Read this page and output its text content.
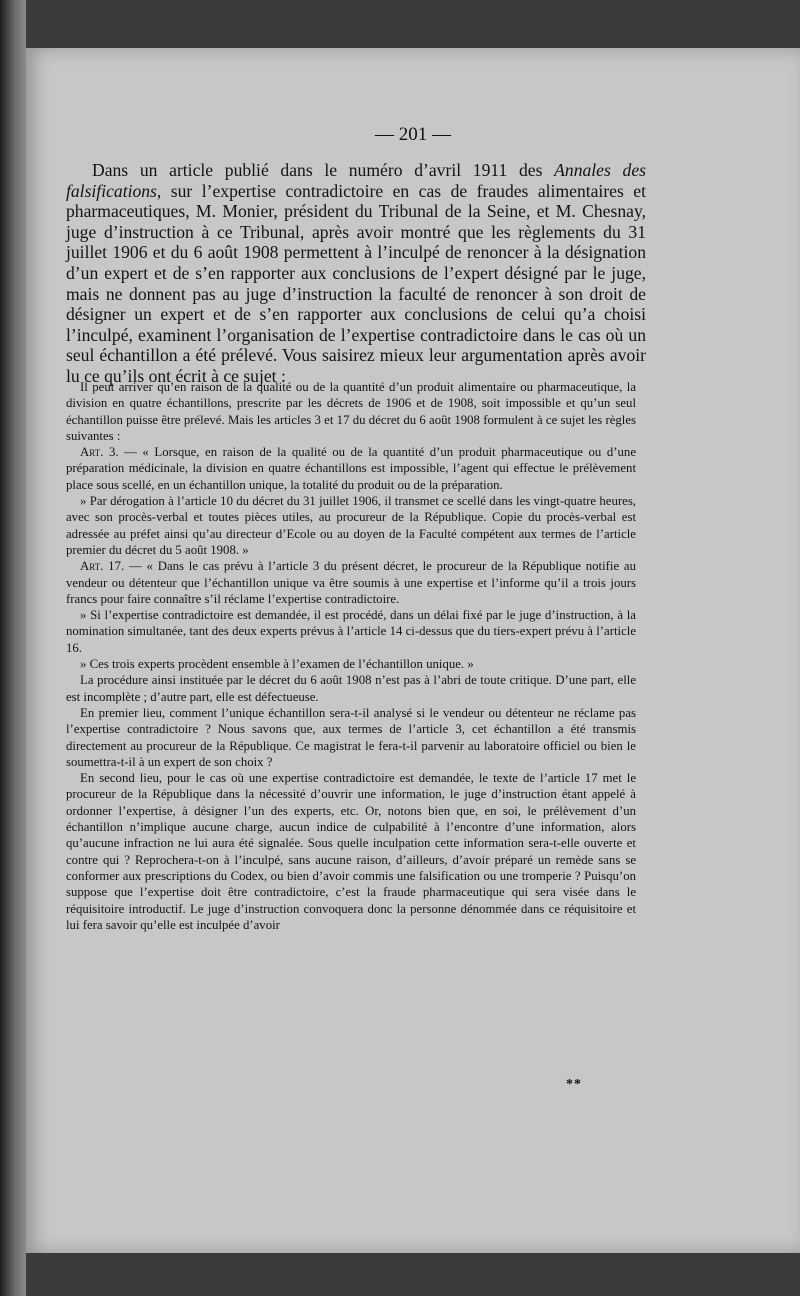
— 201 —

Dans un article publié dans le numéro d’avril 1911 des Annales des falsifications, sur l’expertise contradictoire en cas de fraudes alimentaires et pharmaceutiques, M. Monier, président du Tribunal de la Seine, et M. Chesnay, juge d’instruction à ce Tribunal, après avoir montré que les règlements du 31 juillet 1906 et du 6 août 1908 permettent à l’inculpé de renoncer à la désignation d’un expert et de s’en rapporter aux conclusions de l’expert désigné par le juge, mais ne donnent pas au juge d’instruction la faculté de renoncer à son droit de désigner un expert et de s’en rapporter aux conclusions de celui qu’a choisi l’inculpé, examinent l’organisation de l’expertise contradictoire dans le cas où un seul échantillon a été prélevé. Vous saisirez mieux leur argumentation après avoir lu ce qu’ils ont écrit à ce sujet :

Il peut arriver qu’en raison de la qualité ou de la quantité d’un produit alimentaire ou pharmaceutique, la division en quatre échantillons, prescrite par les décrets de 1906 et de 1908, soit impossible et qu’un seul échantillon puisse être prélevé. Mais les articles 3 et 17 du décret du 6 août 1908 formulent à ce sujet les règles suivantes :

Art. 3. — « Lorsque, en raison de la qualité ou de la quantité d’un produit pharmaceutique ou d’une préparation médicinale, la division en quatre échantillons est impossible, l’agent qui effectue le prélèvement place sous scellé, en un échantillon unique, la totalité du produit ou de la préparation.

» Par dérogation à l’article 10 du décret du 31 juillet 1906, il transmet ce scellé dans les vingt-quatre heures, avec son procès-verbal et toutes pièces utiles, au procureur de la République. Copie du procès-verbal est adressée au préfet ainsi qu’au directeur d’Ecole ou au doyen de la Faculté compétent aux termes de l’article premier du décret du 5 août 1908. »

Art. 17. — « Dans le cas prévu à l’article 3 du présent décret, le procureur de la République notifie au vendeur ou détenteur que l’échantillon unique va être soumis à une expertise et l’informe qu’il a trois jours francs pour faire connaître s’il réclame l’expertise contradictoire.

» Si l’expertise contradictoire est demandée, il est procédé, dans un délai fixé par le juge d’instruction, à la nomination simultanée, tant des deux experts prévus à l’article 14 ci-dessus que du tiers-expert prévu à l’article 16.

» Ces trois experts procèdent ensemble à l’examen de l’échantillon unique. »

La procédure ainsi instituée par le décret du 6 août 1908 n’est pas à l’abri de toute critique. D’une part, elle est incomplète ; d’autre part, elle est défectueuse.

En premier lieu, comment l’unique échantillon sera-t-il analysé si le vendeur ou détenteur ne réclame pas l’expertise contradictoire ? Nous savons que, aux termes de l’article 3, cet échantillon a été transmis directement au procureur de la République. Ce magistrat le fera-t-il parvenir au laboratoire officiel ou bien le soumettra-t-il à un expert de son choix ?

En second lieu, pour le cas où une expertise contradictoire est demandée, le texte de l’article 17 met le procureur de la République dans la nécessité d’ouvrir une information, le juge d’instruction étant appelé à ordonner l’expertise, à désigner l’un des experts, etc. Or, notons bien que, en soi, le prélèvement d’un échantillon n’implique aucune charge, aucun indice de culpabilité à l’encontre d’une information, alors qu’aucune infraction ne lui aura été signalée. Sous quelle inculpation cette information sera-t-elle ouverte et contre qui ? Reprochera-t-on à l’inculpé, sans aucune raison, d’ailleurs, d’avoir préparé un remède sans se conformer aux prescriptions du Codex, ou bien d’avoir commis une falsification ou une tromperie ? Puisqu’on suppose que l’expertise doit être contradictoire, c’est la fraude pharmaceutique qui sera visée dans le réquisitoire introductif. Le juge d’instruction convoquera donc la personne dénommée dans ce réquisitoire et lui fera savoir qu’elle est inculpée d’avoir

**
